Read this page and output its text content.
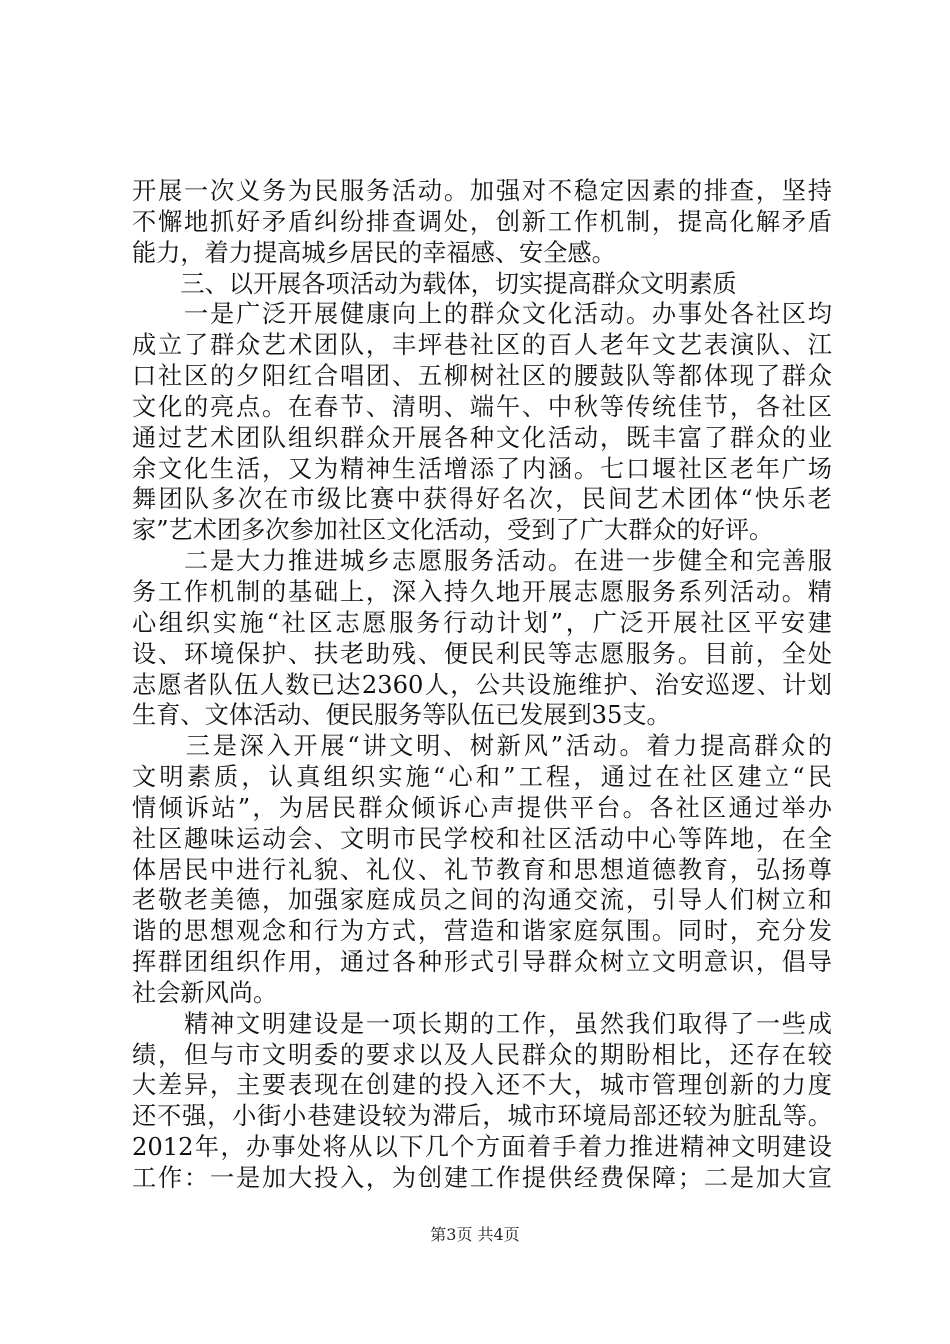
开展一次义务为民服务活动。加强对不稳定因素的排查，坚持
不懈地抓好矛盾纠纷排查调处，创新工作机制，提高化解矛盾
能力，着力提高城乡居民的幸福感、安全感。
　　三、以开展各项活动为载体，切实提高群众文明素质
　　一是广泛开展健康向上的群众文化活动。办事处各社区均
成立了群众艺术团队，丰坪巷社区的百人老年文艺表演队、江
口社区的夕阳红合唱团、五柳树社区的腰鼓队等都体现了群众
文化的亮点。在春节、清明、端午、中秋等传统佳节，各社区
通过艺术团队组织群众开展各种文化活动，既丰富了群众的业
余文化生活，又为精神生活增添了内涵。七口堰社区老年广场
舞团队多次在市级比赛中获得好名次，民间艺术团体“快乐老
家”艺术团多次参加社区文化活动，受到了广大群众的好评。
　　二是大力推进城乡志愿服务活动。在进一步健全和完善服
务工作机制的基础上，深入持久地开展志愿服务系列活动。精
心组织实施“社区志愿服务行动计划”，广泛开展社区平安建
设、环境保护、扶老助残、便民利民等志愿服务。目前，全处
志愿者队伍人数已达2360人，公共设施维护、治安巡逻、计划
生育、文体活动、便民服务等队伍已发展到35支。
　　三是深入开展“讲文明、树新风”活动。着力提高群众的
文明素质，认真组织实施“心和”工程，通过在社区建立“民
情倾诉站”，为居民群众倾诉心声提供平台。各社区通过举办
社区趣味运动会、文明市民学校和社区活动中心等阵地，在全
体居民中进行礼貌、礼仪、礼节教育和思想道德教育，弘扬尊
老敬老美德，加强家庭成员之间的沟通交流，引导人们树立和
谐的思想观念和行为方式，营造和谐家庭氛围。同时，充分发
挥群团组织作用，通过各种形式引导群众树立文明意识，倡导
社会新风尚。
　　精神文明建设是一项长期的工作，虽然我们取得了一些成
绩，但与市文明委的要求以及人民群众的期盼相比，还存在较
大差异，主要表现在创建的投入还不大，城市管理创新的力度
还不强，小街小巷建设较为滞后，城市环境局部还较为脏乱等。
2012年，办事处将从以下几个方面着手着力推进精神文明建设
工作：一是加大投入，为创建工作提供经费保障；二是加大宣
第3页 共4页
